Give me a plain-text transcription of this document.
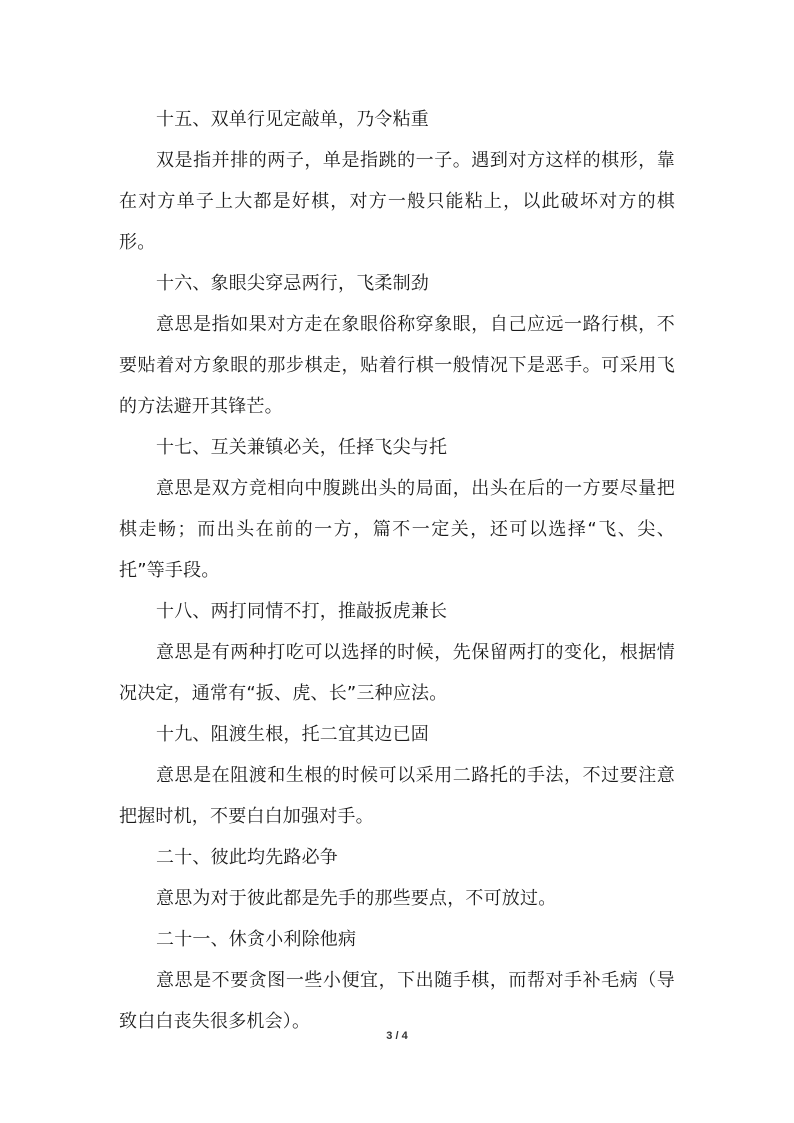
十五、双单行见定敲单，乃令粘重

双是指并排的两子，单是指跳的一子。遇到对方这样的棋形，靠在对方单子上大都是好棋，对方一般只能粘上，以此破坏对方的棋形。

十六、象眼尖穿忌两行，飞柔制劲

意思是指如果对方走在象眼俗称穿象眼，自己应远一路行棋，不要贴着对方象眼的那步棋走，贴着行棋一般情况下是恶手。可采用飞的方法避开其锋芒。

十七、互关兼镇必关，任择飞尖与托

意思是双方竞相向中腹跳出头的局面，出头在后的一方要尽量把棋走畅；而出头在前的一方，篇不一定关，还可以选择“飞、尖、托”等手段。

十八、两打同情不打，推敲扳虎兼长

意思是有两种打吃可以选择的时候，先保留两打的变化，根据情况决定，通常有“扳、虎、长”三种应法。

十九、阻渡生根，托二宜其边已固

意思是在阻渡和生根的时候可以采用二路托的手法，不过要注意把握时机，不要白白加强对手。

二十、彼此均先路必争

意思为对于彼此都是先手的那些要点，不可放过。

二十一、休贪小利除他病

意思是不要贪图一些小便宜，下出随手棋，而帮对手补毛病（导致白白丧失很多机会）。

3 / 4
